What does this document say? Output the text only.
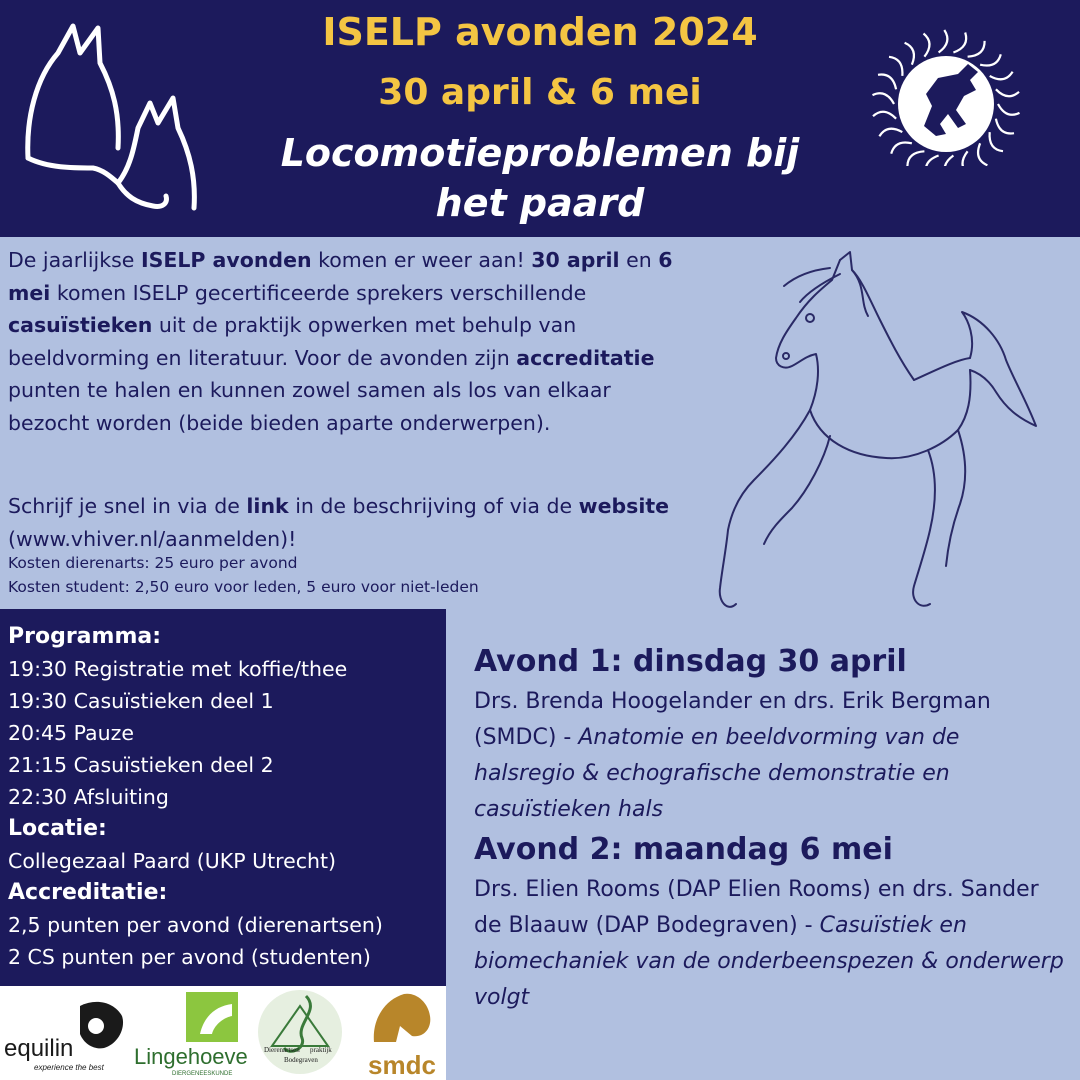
ISELP avonden 2024
30 april & 6 mei
Locomotieproblemen bij het paard
De jaarlijkse ISELP avonden komen er weer aan! 30 april en 6 mei komen ISELP gecertificeerde sprekers verschillende casuïstieken uit de praktijk opwerken met behulp van beeldvorming en literatuur. Voor de avonden zijn accreditatie punten te halen en kunnen zowel samen als los van elkaar bezocht worden (beide bieden aparte onderwerpen).
Schrijf je snel in via de link in de beschrijving of via de website (www.vhiver.nl/aanmelden)!
Kosten dierenarts: 25 euro per avond
Kosten student: 2,50 euro voor leden, 5 euro voor niet-leden
Programma:
19:30 Registratie met koffie/thee
19:30 Casuïstieken deel 1
20:45 Pauze
21:15 Casuïstieken deel 2
22:30 Afsluiting
Locatie:
Collegezaal Paard (UKP Utrecht)
Accreditatie:
2,5 punten per avond (dierenartsen)
2 CS punten per avond (studenten)
equilin
experience the best Lingehoeve
DIERGENEESKUNDE
Dierenartsen praktijk
Bodegraven smdc
Avond 1: dinsdag 30 april
Drs. Brenda Hoogelander en drs. Erik Bergman (SMDC) - Anatomie en beeldvorming van de halsregio & echografische demonstratie en casuïstieken hals
Avond 2: maandag 6 mei
Drs. Elien Rooms (DAP Elien Rooms) en drs. Sander de Blaauw (DAP Bodegraven) - Casuïstiek en biomechaniek van de onderbeenspezen & onderwerp volgt
